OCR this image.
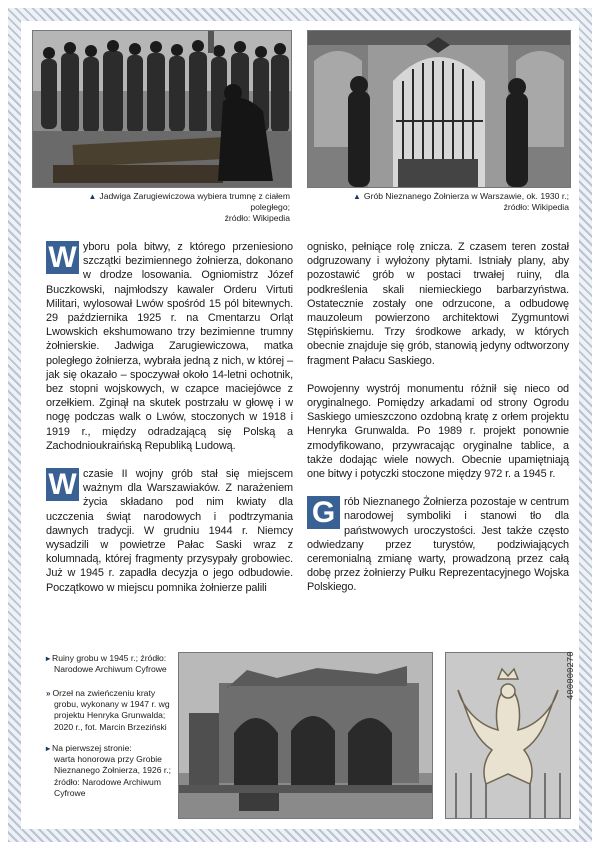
▲ Jadwiga Zarugiewiczowa wybiera trumnę z ciałem poległego;
źródło: Wikipedia
▲ Grób Nieznanego Żołnierza w Warszawie, ok. 1930 r.;
źródło: Wikipedia

W yboru pola bitwy, z którego przeniesiono szczątki bezimiennego żołnierza, dokonano w drodze losowania. Ogniomistrz Józef Buczkowski, najmłodszy kawaler Orderu Virtuti Militari, wylosował Lwów spośród 15 pól bitewnych. 29 października 1925 r. na Cmentarzu Orląt Lwowskich ekshumowano trzy bezimienne trumny żołnierskie. Jadwiga Zarugiewiczowa, matka poległego żołnierza, wybrała jedną z nich, w której – jak się okazało – spoczywał około 14-letni ochotnik, bez stopni wojskowych, w czapce maciejówce z orzełkiem. Zginął na skutek postrzału w głowę i w nogę podczas walk o Lwów, stoczonych w 1918 i 1919 r., między odradzającą się Polską a Zachodnioukraińską Republiką Ludową.

W czasie II wojny grób stał się miejscem ważnym dla Warszawiaków. Z narażeniem życia składano pod nim kwiaty dla uczczenia świąt narodowych i podtrzymania dawnych tradycji. W grudniu 1944 r. Niemcy wysadzili w powietrze Pałac Saski wraz z kolumnadą, której fragmenty przysypały grobowiec. Już w 1945 r. zapadła decyzja o jego odbudowie. Początkowo w miejscu pomnika żołnierze palili

ognisko, pełniące rolę znicza. Z czasem teren został odgruzowany i wyłożony płytami. Istniały plany, aby pozostawić grób w postaci trwałej ruiny, dla podkreślenia skali niemieckiego barbarzyństwa. Ostatecznie zostały one odrzucone, a odbudowę mauzoleum powierzono architektowi Zygmuntowi Stępińskiemu. Trzy środkowe arkady, w których obecnie znajduje się grób, stanowią jedyny odtworzony fragment Pałacu Saskiego.

Powojenny wystrój monumentu różnił się nieco od oryginalnego. Pomiędzy arkadami od strony Ogrodu Saskiego umieszczono ozdobną kratę z orłem projektu Henryka Grunwalda. Po 1989 r. projekt ponownie zmodyfikowano, przywracając oryginalne tablice, a także dodając wiele nowych. Obecnie upamiętniają one bitwy i potyczki stoczone między 972 r. a 1945 r.

G rób Nieznanego Żołnierza pozostaje w centrum narodowej symboliki i stanowi tło dla państwowych uroczystości. Jest także często odwiedzany przez turystów, podziwiających ceremonialną zmianę warty, prowadzoną przez całą dobę przez żołnierzy Pułku Reprezentacyjnego Wojska Polskiego.

▸ Ruiny grobu w 1945 r.; źródło:
Narodowe Archiwum Cyfrowe
» Orzeł na zwieńczeniu kraty
grobu, wykonany w 1947 r. wg
projektu Henryka Grunwalda;
2020 r., fot. Marcin Brzeziński
▸ Na pierwszej stronie:
warta honorowa przy Grobie
Nieznanego Żołnierza, 1926 r.;
źródło: Narodowe Archiwum
Cyfrowe
400000270
